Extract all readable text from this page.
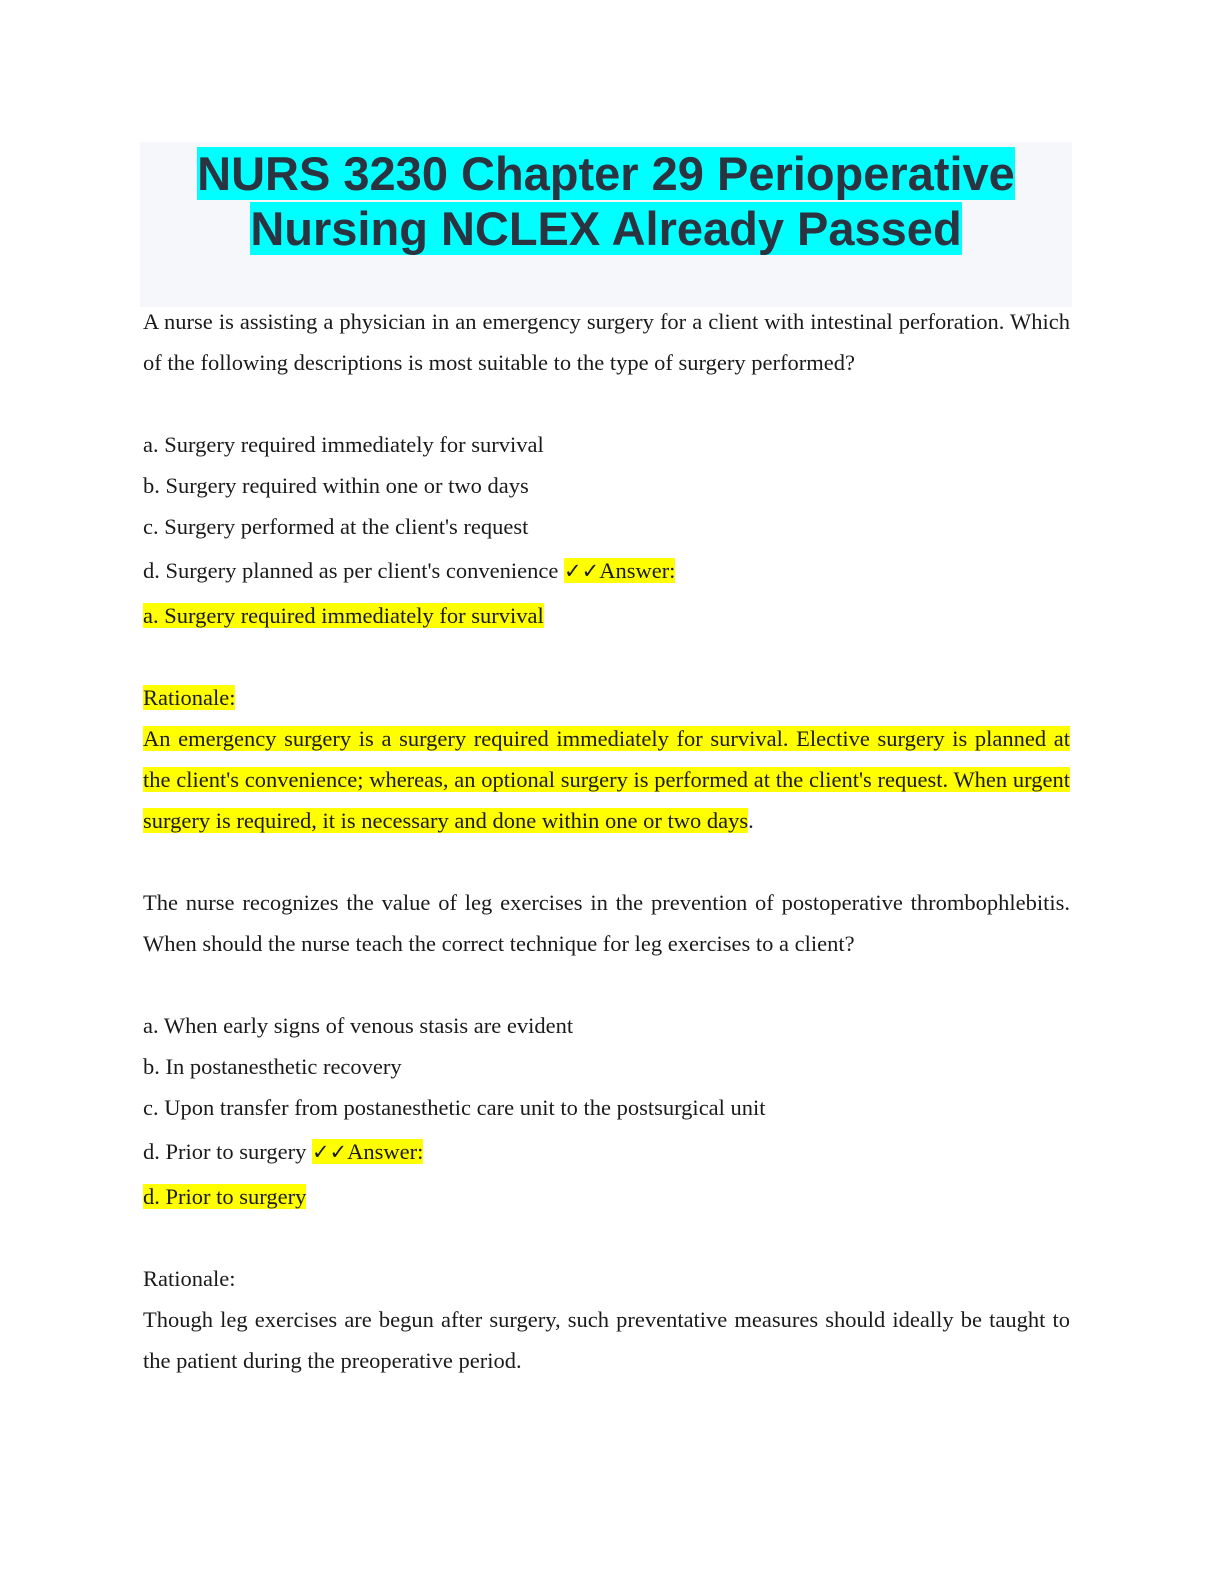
NURS 3230 Chapter 29 Perioperative
Nursing NCLEX Already Passed

A nurse is assisting a physician in an emergency surgery for a client with intestinal perforation. Which of the following descriptions is most suitable to the type of surgery performed?

a. Surgery required immediately for survival

b. Surgery required within one or two days

c. Surgery performed at the client's request

d. Surgery planned as per client's convenience ✓✓Answer:

a. Surgery required immediately for survival

Rationale:

An emergency surgery is a surgery required immediately for survival. Elective surgery is planned at the client's convenience; whereas, an optional surgery is performed at the client's request. When urgent surgery is required, it is necessary and done within one or two days.

The nurse recognizes the value of leg exercises in the prevention of postoperative thrombophlebitis. When should the nurse teach the correct technique for leg exercises to a client?

a. When early signs of venous stasis are evident

b. In postanesthetic recovery

c. Upon transfer from postanesthetic care unit to the postsurgical unit

d. Prior to surgery ✓✓Answer:

d. Prior to surgery

Rationale:

Though leg exercises are begun after surgery, such preventative measures should ideally be taught to the patient during the preoperative period.
